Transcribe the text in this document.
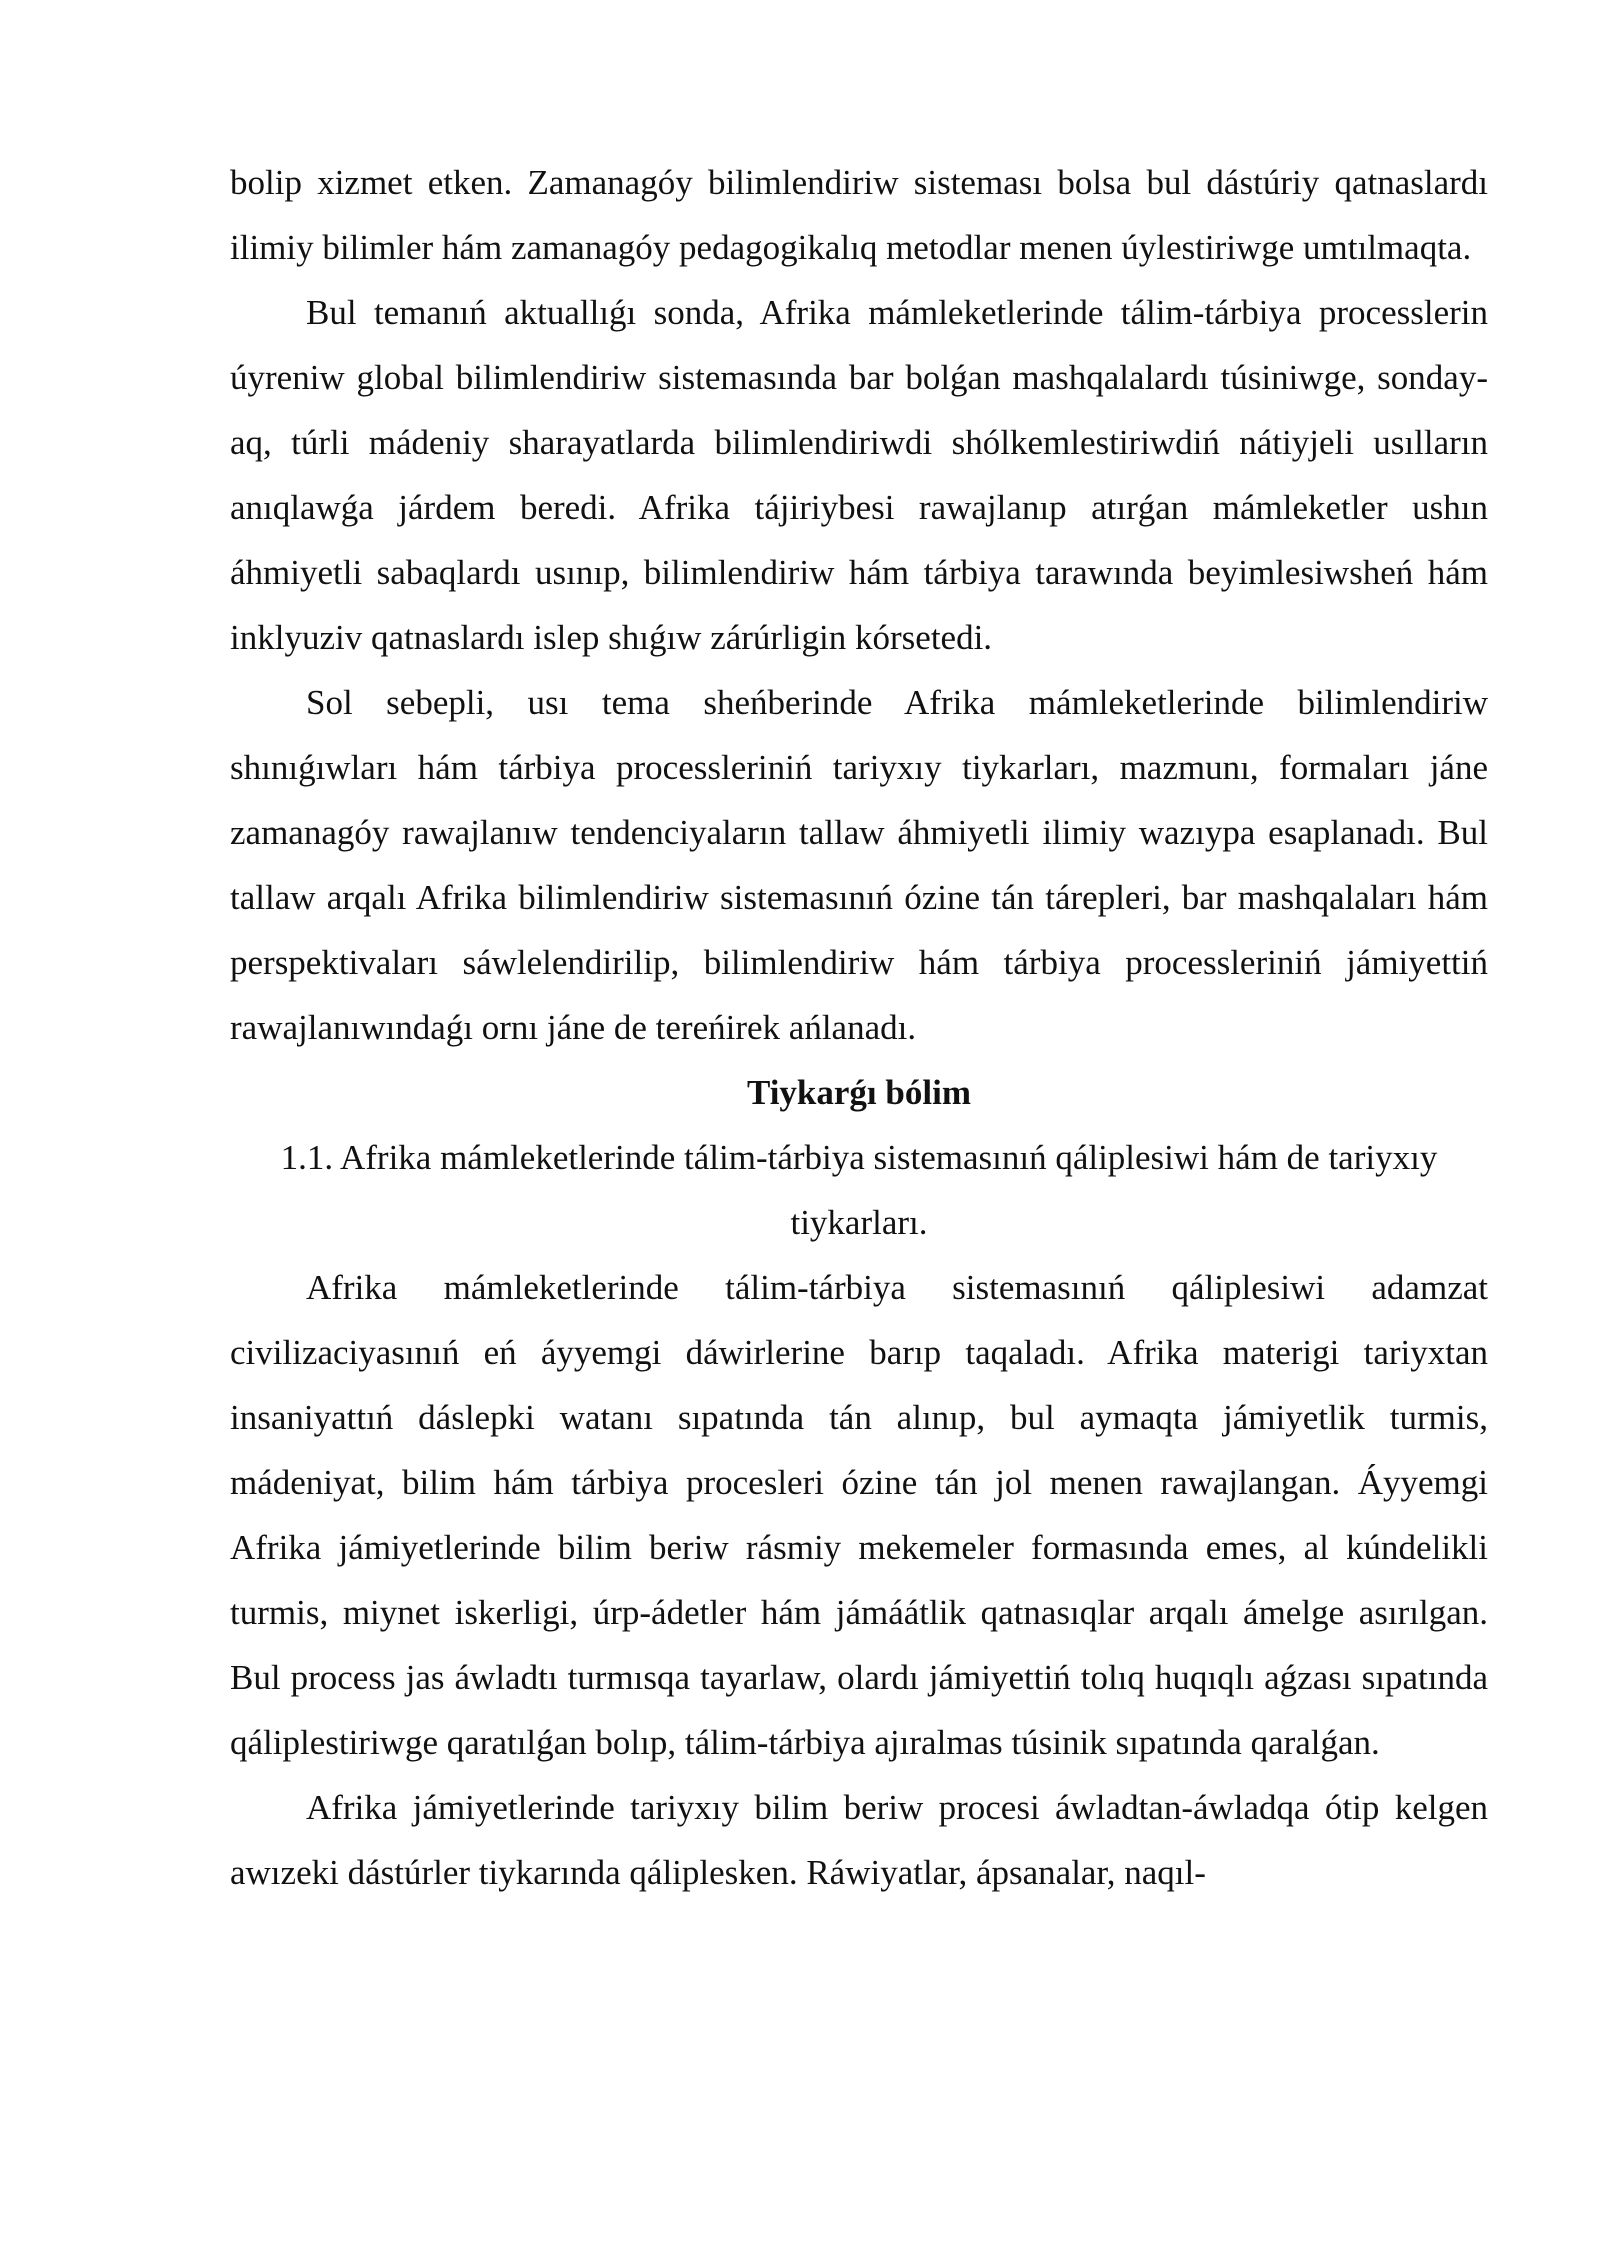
bolip xizmet etken. Zamanagóy bilimlendiriw sisteması bolsa bul dástúriy qatnaslardı ilimiy bilimler hám zamanagóy pedagogikalıq metodlar menen úylestiriwge umtılmaqta.

Bul temanıń aktuallıǵı sonda, Afrika mámleketlerinde tálim-tárbiya processlerin úyreniw global bilimlendiriw sistemasında bar bolǵan mashqalalardı túsiniwge, sonday-aq, túrli mádeniy sharayatlarda bilimlendiriwdi shólkemlestiriwdiń nátiyjeli usılların anıqlawǵa járdem beredi. Afrika tájiriybesi rawajlanıp atırǵan mámleketler ushın áhmiyetli sabaqlardı usınıp, bilimlendiriw hám tárbiya tarawında beyimlesiwsheń hám inklyuziv qatnaslardı islep shıǵıw zárúrligin kórsetedi.

Sol sebepli, usı tema sheńberinde Afrika mámleketlerinde bilimlendiriw shınıǵıwları hám tárbiya processleriniń tariyxıy tiykarları, mazmunı, formaları jáne zamanagóy rawajlanıw tendenciyaların tallaw áhmiyetli ilimiy wazıypa esaplanadı. Bul tallaw arqalı Afrika bilimlendiriw sistemasınıń ózine tán tárepleri, bar mashqalaları hám perspektivaları sáwlelendirilip, bilimlendiriw hám tárbiya processleriniń jámiyettiń rawajlanıwındaǵı ornı jáne de tereńirek ańlanadı.

Tiykarǵı bólim

1.1. Afrika mámleketlerinde tálim-tárbiya sistemasınıń qáliplesiwi hám de tariyxıy tiykarları.

Afrika mámleketlerinde tálim-tárbiya sistemasınıń qáliplesiwi adamzat civilizaciyasınıń eń áyyemgi dáwirlerine barıp taqaladı. Afrika materigi tariyxtan insaniyattıń dáslepki watanı sıpatında tán alınıp, bul aymaqta jámiyetlik turmis, mádeniyat, bilim hám tárbiya procesleri ózine tán jol menen rawajlangan. Áyyemgi Afrika jámiyetlerinde bilim beriw rásmiy mekemeler formasında emes, al kúndelikli turmis, miynet iskerligi, úrp-ádetler hám jámáátlik qatnasıqlar arqalı ámelge asırılgan. Bul process jas áwladtı turmısqa tayarlaw, olardı jámiyettiń tolıq huqıqlı aǵzası sıpatında qáliplestiriwge qaratılǵan bolıp, tálim-tárbiya ajıralmas túsinik sıpatında qaralǵan.

Afrika jámiyetlerinde tariyxıy bilim beriw procesi áwladtan-áwladqa ótip kelgen awızeki dástúrler tiykarında qáliplesken. Ráwiyatlar, ápsanalar, naqıl-
